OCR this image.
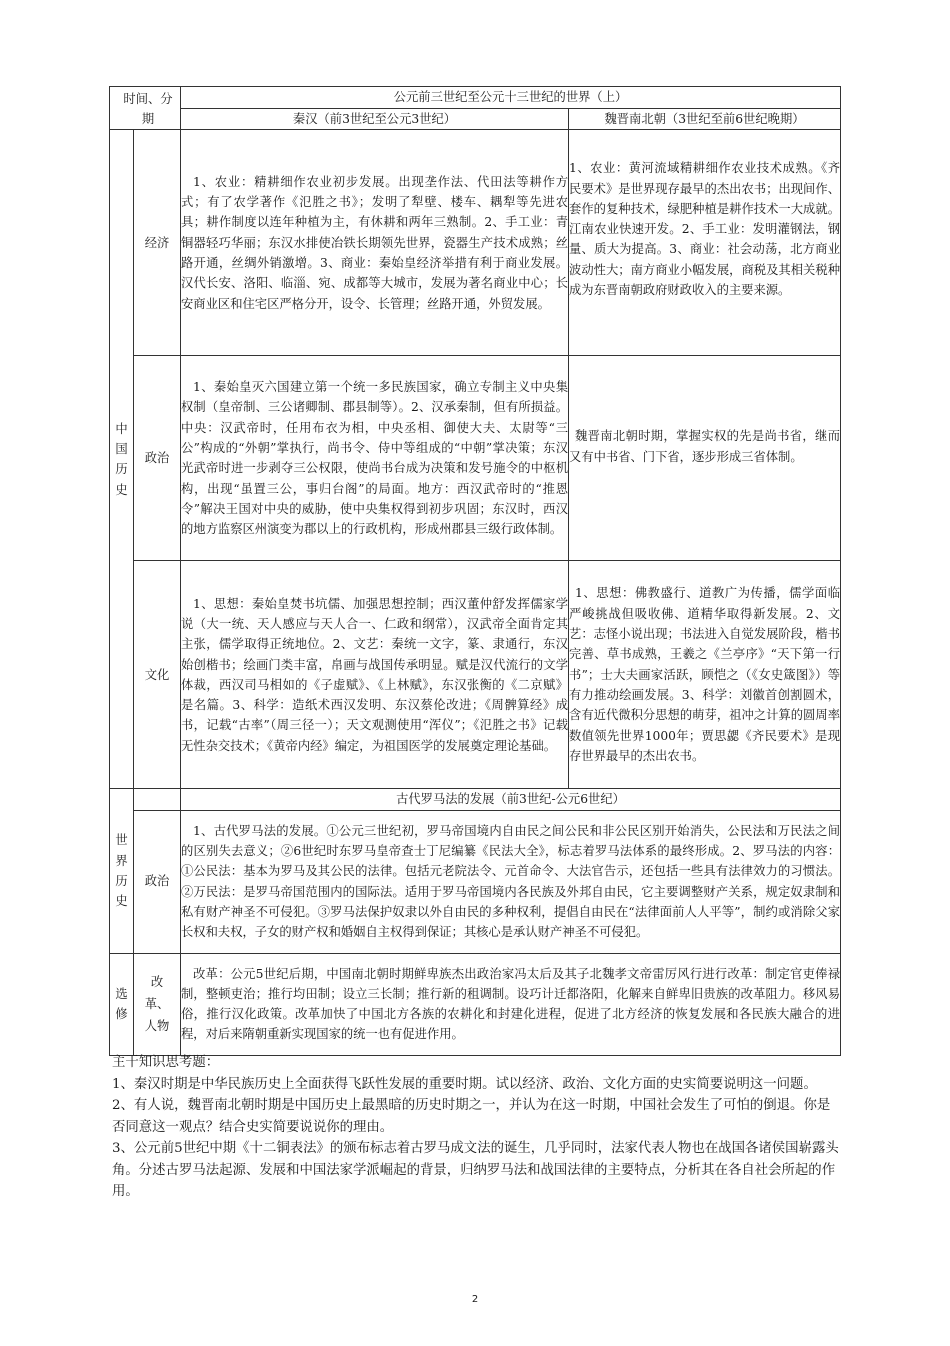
时间、分期		公元前三世纪至公元十三世纪的世界（上）	
		秦汉（前3世纪至公元3世纪）	魏晋南北朝（3世纪至前6世纪晚期）

中国历史	经济	1、农业：精耕细作农业初步发展。出现垄作法、代田法等耕作方式；有了农学著作《氾胜之书》；发明了犁壁、楼车、耦犁等先进农具；耕作制度以连年种植为主，有休耕和两年三熟制。2、手工业：青铜器轻巧华丽；东汉水排使冶铁长期领先世界，瓷器生产技术成熟；丝路开通，丝绸外销激增。3、商业：秦始皇经济举措有利于商业发展。汉代长安、洛阳、临淄、宛、成都等大城市，发展为著名商业中心；长安商业区和住宅区严格分开，设令、长管理；丝路开通，外贸发展。	1、农业：黄河流域精耕细作农业技术成熟。《齐民要术》是世界现存最早的杰出农书；出现间作、套作的复种技术，绿肥种植是耕作技术一大成就。江南农业快速开发。2、手工业：发明灌钢法，钢量、质大为提高。3、商业：社会动荡，北方商业波动性大；南方商业小幅发展，商税及其相关税种成为东晋南朝政府财政收入的主要来源。
	政治	1、秦始皇灭六国建立第一个统一多民族国家，确立专制主义中央集权制（皇帝制、三公诸卿制、郡县制等）。2、汉承秦制，但有所损益。中央：汉武帝时，任用布衣为相，中央丞相、御使大夫、太尉等“三公”构成的“外朝”掌执行，尚书令、侍中等组成的“中朝”掌决策；东汉光武帝时进一步剥夺三公权限，使尚书台成为决策和发号施令的中枢机构，出现“虽置三公，事归台阁”的局面。地方：西汉武帝时的“推恩令”解决王国对中央的威胁，使中央集权得到初步巩固；东汉时，西汉的地方监察区州演变为郡以上的行政机构，形成州郡县三级行政体制。	魏晋南北朝时期，掌握实权的先是尚书省，继而又有中书省、门下省，逐步形成三省体制。
	文化	1、思想：秦始皇焚书坑儒、加强思想控制；西汉董仲舒发挥儒家学说（大一统、天人感应与天人合一、仁政和纲常），汉武帝全面肯定其主张，儒学取得正统地位。2、文艺：秦统一文字，篆、隶通行，东汉始创楷书；绘画门类丰富，帛画与战国传承明显。赋是汉代流行的文学体裁，西汉司马相如的《子虚赋》、《上林赋》，东汉张衡的《二京赋》是名篇。3、科学：造纸术西汉发明、东汉蔡伦改进；《周髀算经》成书，记载“古率”（周三径一）；天文观测使用“浑仪”；《氾胜之书》记载无性杂交技术；《黄帝内经》编定，为祖国医学的发展奠定理论基础。	1、思想：佛教盛行、道教广为传播，儒学面临严峻挑战但吸收佛、道精华取得新发展。2、文艺：志怪小说出现；书法进入自觉发展阶段，楷书完善、草书成熟，王羲之《兰亭序》“天下第一行书”；士大夫画家活跃，顾恺之（《女史箴图》）等有力推动绘画发展。3、科学：刘徽首创割圆术，含有近代微积分思想的萌芽，祖冲之计算的圆周率数值领先世界1000年；贾思勰《齐民要术》是现存世界最早的杰出农书。

世界历史		古代罗马法的发展（前3世纪-公元6世纪）	
	政治	1、古代罗马法的发展。①公元三世纪初，罗马帝国境内自由民之间公民和非公民区别开始消失，公民法和万民法之间的区别失去意义；②6世纪时东罗马皇帝查士丁尼编纂《民法大全》，标志着罗马法体系的最终形成。2、罗马法的内容：①公民法：基本为罗马及其公民的法律。包括元老院法令、元首命令、大法官告示，还包括一些具有法律效力的习惯法。②万民法：是罗马帝国范围内的国际法。适用于罗马帝国境内各民族及外邦自由民，它主要调整财产关系，规定奴隶制和私有财产神圣不可侵犯。③罗马法保护奴隶以外自由民的多种权利，提倡自由民在“法律面前人人平等”，制约或消除父家长权和夫权，子女的财产权和婚姻自主权得到保证；其核心是承认财产神圣不可侵犯。	

选修	改革、人物	改革：公元5世纪后期，中国南北朝时期鲜卑族杰出政治家冯太后及其子北魏孝文帝雷厉风行进行改革：制定官吏俸禄制，整顿吏治；推行均田制；设立三长制；推行新的租调制。设巧计迁都洛阳，化解来自鲜卑旧贵族的改革阻力。移风易俗，推行汉化政策。改革加快了中国北方各族的农耕化和封建化进程，促进了北方经济的恢复发展和各民族大融合的进程，对后来隋朝重新实现国家的统一也有促进作用。	

主干知识思考题：

1、秦汉时期是中华民族历史上全面获得飞跃性发展的重要时期。试以经济、政治、文化方面的史实简要说明这一问题。

2、有人说，魏晋南北朝时期是中国历史上最黑暗的历史时期之一，并认为在这一时期，中国社会发生了可怕的倒退。你是否同意这一观点？结合史实简要说说你的理由。

3、公元前5世纪中期《十二铜表法》的颁布标志着古罗马成文法的诞生，几乎同时，法家代表人物也在战国各诸侯国崭露头角。分述古罗马法起源、发展和中国法家学派崛起的背景，归纳罗马法和战国法律的主要特点，分析其在各自社会所起的作用。

2
